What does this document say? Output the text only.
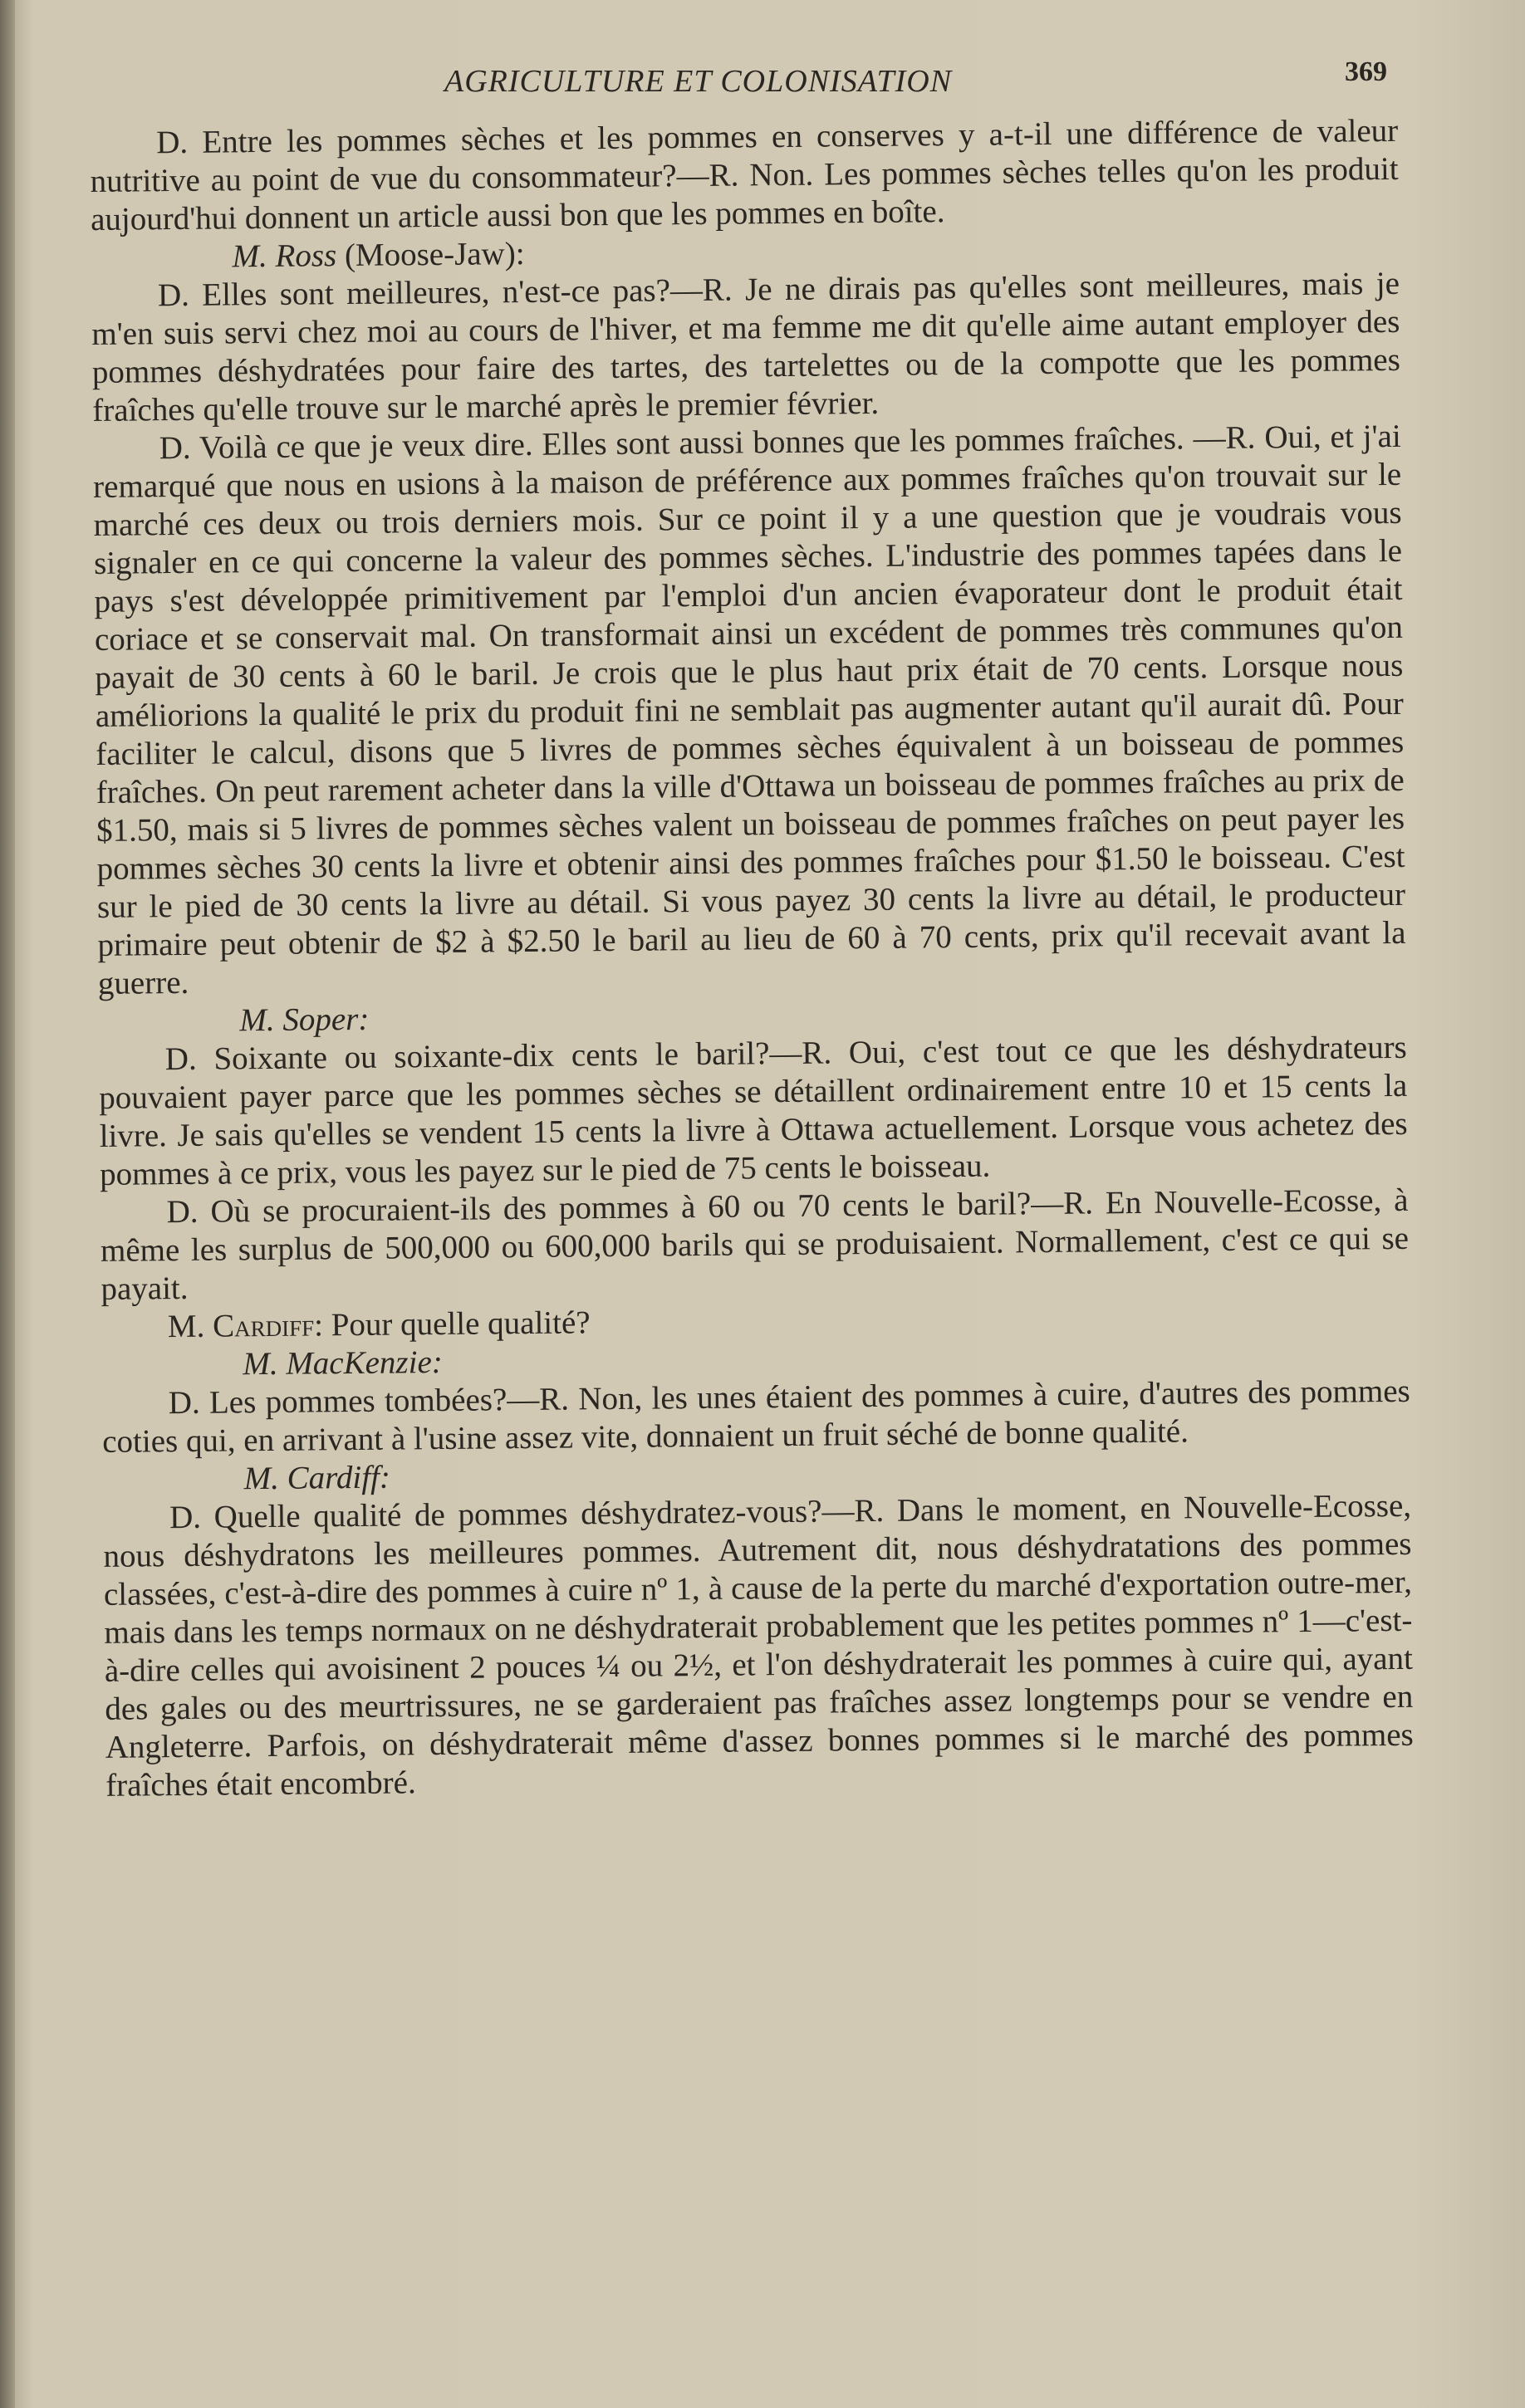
AGRICULTURE ET COLONISATION	369

D. Entre les pommes sèches et les pommes en conserves y a-t-il une différence de valeur nutritive au point de vue du consommateur?—R. Non. Les pommes sèches telles qu'on les produit aujourd'hui donnent un article aussi bon que les pommes en boîte.

M. Ross (Moose-Jaw):

D. Elles sont meilleures, n'est-ce pas?—R. Je ne dirais pas qu'elles sont meilleures, mais je m'en suis servi chez moi au cours de l'hiver, et ma femme me dit qu'elle aime autant employer des pommes déshydratées pour faire des tartes, des tartelettes ou de la compotte que les pommes fraîches qu'elle trouve sur le marché après le premier février.

D. Voilà ce que je veux dire. Elles sont aussi bonnes que les pommes fraîches. —R. Oui, et j'ai remarqué que nous en usions à la maison de préférence aux pommes fraîches qu'on trouvait sur le marché ces deux ou trois derniers mois. Sur ce point il y a une question que je voudrais vous signaler en ce qui concerne la valeur des pommes sèches. L'industrie des pommes tapées dans le pays s'est développée primitivement par l'emploi d'un ancien évaporateur dont le produit était coriace et se conservait mal. On transformait ainsi un excédent de pommes très communes qu'on payait de 30 cents à 60 le baril. Je crois que le plus haut prix était de 70 cents. Lorsque nous améliorions la qualité le prix du produit fini ne semblait pas augmenter autant qu'il aurait dû. Pour faciliter le calcul, disons que 5 livres de pommes sèches équivalent à un boisseau de pommes fraîches. On peut rarement acheter dans la ville d'Ottawa un boisseau de pommes fraîches au prix de $1.50, mais si 5 livres de pommes sèches valent un boisseau de pommes fraîches on peut payer les pommes sèches 30 cents la livre et obtenir ainsi des pommes fraîches pour $1.50 le boisseau. C'est sur le pied de 30 cents la livre au détail. Si vous payez 30 cents la livre au détail, le producteur primaire peut obtenir de $2 à $2.50 le baril au lieu de 60 à 70 cents, prix qu'il recevait avant la guerre.

M. Soper:

D. Soixante ou soixante-dix cents le baril?—R. Oui, c'est tout ce que les déshydrateurs pouvaient payer parce que les pommes sèches se détaillent ordinairement entre 10 et 15 cents la livre. Je sais qu'elles se vendent 15 cents la livre à Ottawa actuellement. Lorsque vous achetez des pommes à ce prix, vous les payez sur le pied de 75 cents le boisseau.

D. Où se procuraient-ils des pommes à 60 ou 70 cents le baril?—R. En Nouvelle-Ecosse, à même les surplus de 500,000 ou 600,000 barils qui se produisaient. Normallement, c'est ce qui se payait.

M. Cardiff: Pour quelle qualité?

M. MacKenzie:

D. Les pommes tombées?—R. Non, les unes étaient des pommes à cuire, d'autres des pommes coties qui, en arrivant à l'usine assez vite, donnaient un fruit séché de bonne qualité.

M. Cardiff:

D. Quelle qualité de pommes déshydratez-vous?—R. Dans le moment, en Nouvelle-Ecosse, nous déshydratons les meilleures pommes. Autrement dit, nous déshydratations des pommes classées, c'est-à-dire des pommes à cuire nº 1, à cause de la perte du marché d'exportation outre-mer, mais dans les temps normaux on ne déshydraterait probablement que les petites pommes nº 1—c'est-à-dire celles qui avoisinent 2 pouces ¼ ou 2½, et l'on déshydraterait les pommes à cuire qui, ayant des gales ou des meurtrissures, ne se garderaient pas fraîches assez longtemps pour se vendre en Angleterre. Parfois, on déshydraterait même d'assez bonnes pommes si le marché des pommes fraîches était encombré.
